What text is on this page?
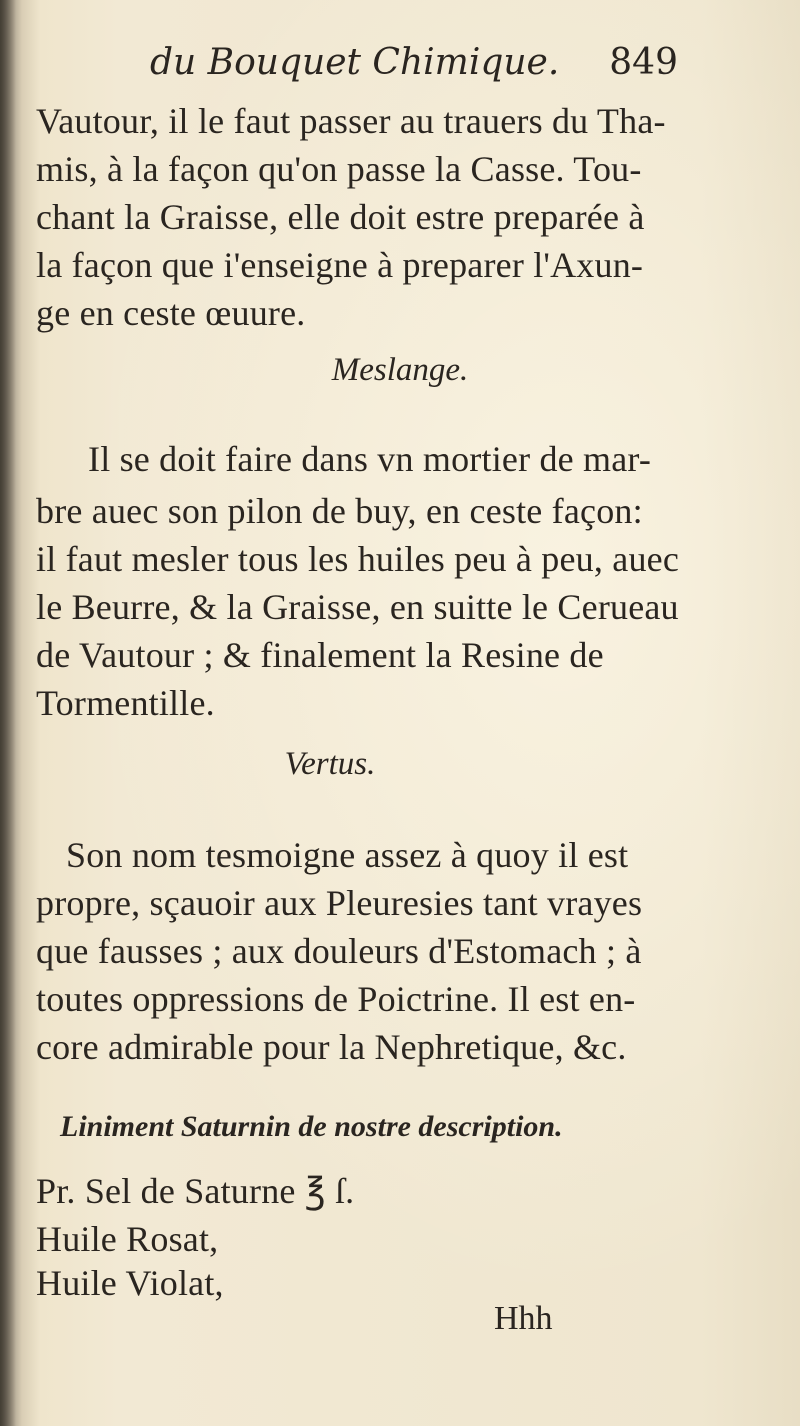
du Bouquet Chimique. 849
Vautour, il le faut passer au trauers du Tha-
mis, à la façon qu'on passe la Casse. Tou-
chant la Graisse, elle doit estre preparée à
la façon que i'enseigne à preparer l'Axun-
ge en ceste œuure.
Meslange.
Il se doit faire dans vn mortier de mar-
bre auec son pilon de buy, en ceste façon:
il faut mesler tous les huiles peu à peu, auec
le Beurre, & la Graisse, en suitte le Cerueau
de Vautour ; & finalement la Resine de
Tormentille.
Vertus.
Son nom tesmoigne assez à quoy il est
propre, sçauoir aux Pleuresies tant vrayes
que fausses ; aux douleurs d'Estomach ; à
toutes oppressions de Poictrine. Il est en-
core admirable pour la Nephretique, &c.
Liniment Saturnin de nostre description.
Pr. Sel de Saturne ℥ ſ.
Huile Rosat,
Huile Violat,
Hhh
